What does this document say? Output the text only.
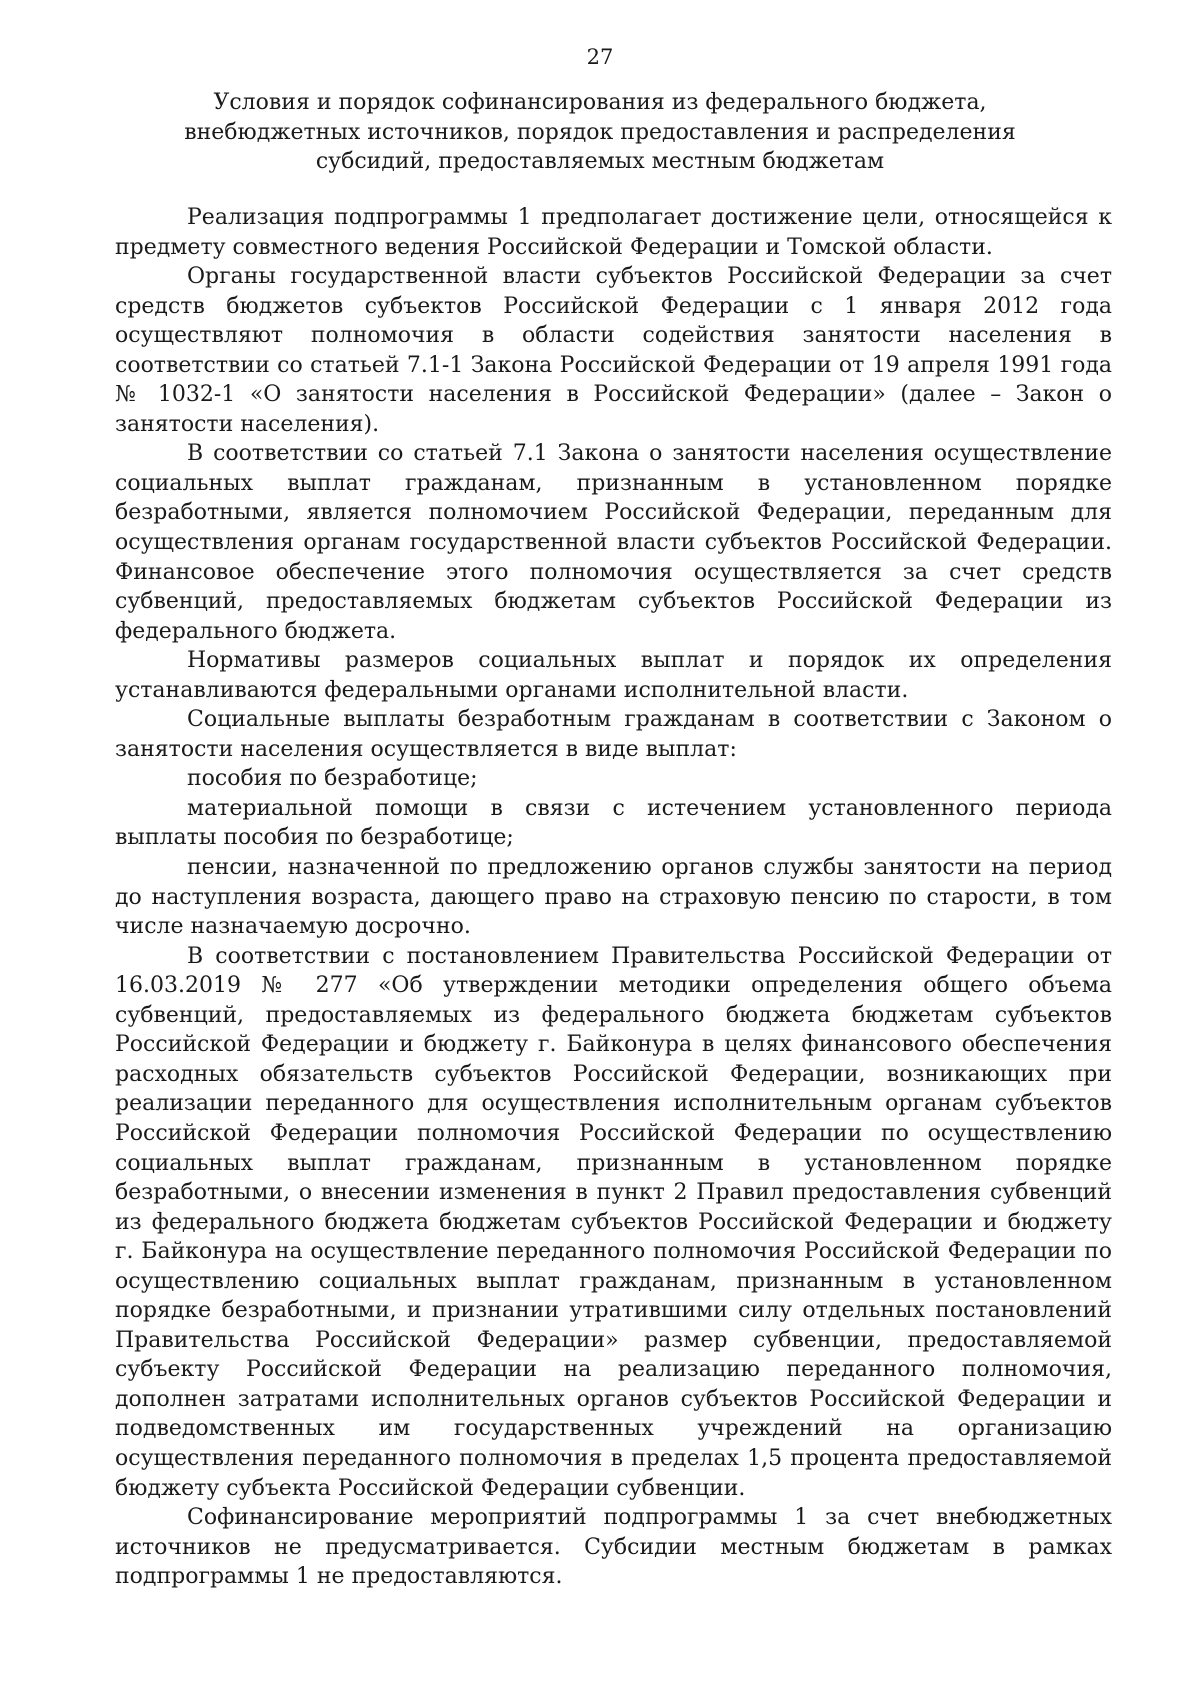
27
Условия и порядок софинансирования из федерального бюджета,
внебюджетных источников, порядок предоставления и распределения
субсидий, предоставляемых местным бюджетам

Реализация подпрограммы 1 предполагает достижение цели, относящейся к предмету совместного ведения Российской Федерации и Томской области.

Органы государственной власти субъектов Российской Федерации за счет средств бюджетов субъектов Российской Федерации с 1 января 2012 года осуществляют полномочия в области содействия занятости населения в соответствии со статьей 7.1-1 Закона Российской Федерации от 19 апреля 1991 года № 1032-1 «О занятости населения в Российской Федерации» (далее – Закон о занятости населения).

В соответствии со статьей 7.1 Закона о занятости населения осуществление социальных выплат гражданам, признанным в установленном порядке безработными, является полномочием Российской Федерации, переданным для осуществления органам государственной власти субъектов Российской Федерации. Финансовое обеспечение этого полномочия осуществляется за счет средств субвенций, предоставляемых бюджетам субъектов Российской Федерации из федерального бюджета.

Нормативы размеров социальных выплат и порядок их определения устанавливаются федеральными органами исполнительной власти.

Социальные выплаты безработным гражданам в соответствии с Законом о занятости населения осуществляется в виде выплат:

пособия по безработице;

материальной помощи в связи с истечением установленного периода выплаты пособия по безработице;

пенсии, назначенной по предложению органов службы занятости на период до наступления возраста, дающего право на страховую пенсию по старости, в том числе назначаемую досрочно.

В соответствии с постановлением Правительства Российской Федерации от 16.03.2019 № 277 «Об утверждении методики определения общего объема субвенций, предоставляемых из федерального бюджета бюджетам субъектов Российской Федерации и бюджету г. Байконура в целях финансового обеспечения расходных обязательств субъектов Российской Федерации, возникающих при реализации переданного для осуществления исполнительным органам субъектов Российской Федерации полномочия Российской Федерации по осуществлению социальных выплат гражданам, признанным в установленном порядке безработными, о внесении изменения в пункт 2 Правил предоставления субвенций из федерального бюджета бюджетам субъектов Российской Федерации и бюджету г. Байконура на осуществление переданного полномочия Российской Федерации по осуществлению социальных выплат гражданам, признанным в установленном порядке безработными, и признании утратившими силу отдельных постановлений Правительства Российской Федерации» размер субвенции, предоставляемой субъекту Российской Федерации на реализацию переданного полномочия, дополнен затратами исполнительных органов субъектов Российской Федерации и подведомственных им государственных учреждений на организацию осуществления переданного полномочия в пределах 1,5 процента предоставляемой бюджету субъекта Российской Федерации субвенции.

Софинансирование мероприятий подпрограммы 1 за счет внебюджетных источников не предусматривается. Субсидии местным бюджетам в рамках подпрограммы 1 не предоставляются.
